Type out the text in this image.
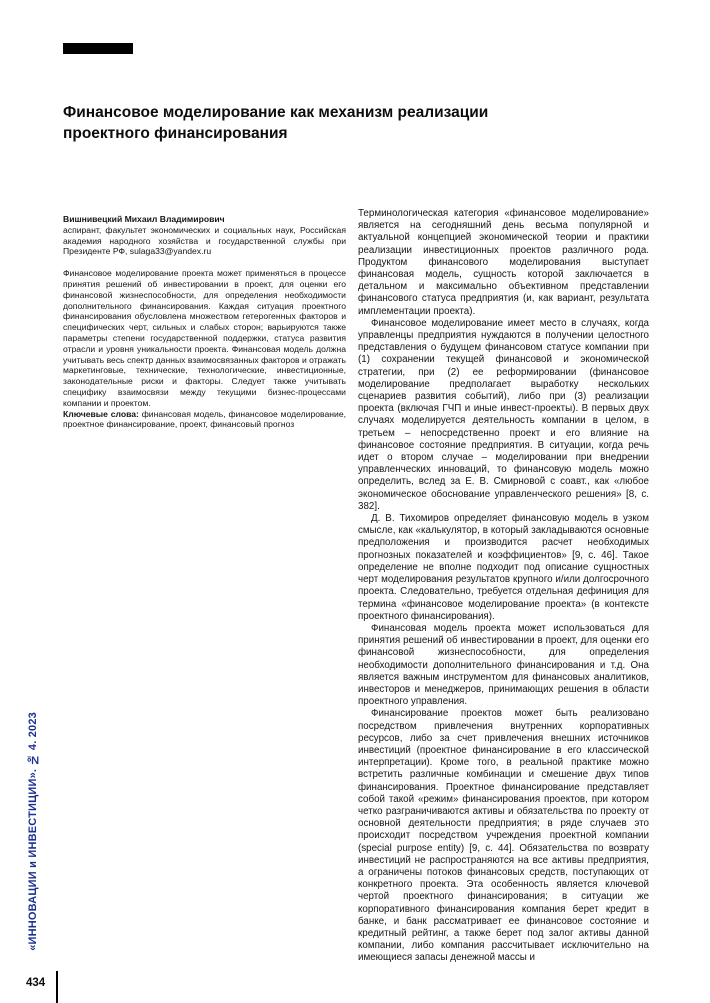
Финансовое моделирование как механизм реализации проектного финансирования

Вишнивецкий Михаил Владимирович

аспирант, факультет экономических и социальных наук, Российская академия народного хозяйства и государственной службы при Президенте РФ, sulaga33@yandex.ru

Финансовое моделирование проекта может применяться в процессе принятия решений об инвестировании в проект, для оценки его финансовой жизнеспособности, для определения необходимости дополнительного финансирования. Каждая ситуация проектного финансирования обусловлена множеством гетерогенных факторов и специфических черт, сильных и слабых сторон; варьируются также параметры степени государственной поддержки, статуса развития отрасли и уровня уникальности проекта. Финансовая модель должна учитывать весь спектр данных взаимосвязанных факторов и отражать маркетинговые, технические, технологические, инвестиционные, законодательные риски и факторы. Следует также учитывать специфику взаимосвязи между текущими бизнес-процессами компании и проектом.

Ключевые слова: финансовая модель, финансовое моделирование, проектное финансирование, проект, финансовый прогноз

Терминологическая категория «финансовое моделирование» является на сегодняшний день весьма популярной и актуальной концепцией экономической теории и практики реализации инвестиционных проектов различного рода. Продуктом финансового моделирования выступает финансовая модель, сущность которой заключается в детальном и максимально объективном представлении финансового статуса предприятия (и, как вариант, результата имплементации проекта).

Финансовое моделирование имеет место в случаях, когда управленцы предприятия нуждаются в получении целостного представления о будущем финансовом статусе компании при (1) сохранении текущей финансовой и экономической стратегии, при (2) ее реформировании (финансовое моделирование предполагает выработку нескольких сценариев развития событий), либо при (3) реализации проекта (включая ГЧП и иные инвест-проекты). В первых двух случаях моделируется деятельность компании в целом, в третьем – непосредственно проект и его влияние на финансовое состояние предприятия. В ситуации, когда речь идет о втором случае – моделировании при внедрении управленческих инноваций, то финансовую модель можно определить, вслед за Е. В. Смирновой с соавт., как «любое экономическое обоснование управленческого решения» [8, с. 382].

Д. В. Тихомиров определяет финансовую модель в узком смысле, как «калькулятор, в который закладываются основные предположения и производится расчет необходимых прогнозных показателей и коэффициентов» [9, с. 46]. Такое определение не вполне подходит под описание сущностных черт моделирования результатов крупного и/или долгосрочного проекта. Следовательно, требуется отдельная дефиниция для термина «финансовое моделирование проекта» (в контексте проектного финансирования).

Финансовая модель проекта может использоваться для принятия решений об инвестировании в проект, для оценки его финансовой жизнеспособности, для определения необходимости дополнительного финансирования и т.д. Она является важным инструментом для финансовых аналитиков, инвесторов и менеджеров, принимающих решения в области проектного управления.

Финансирование проектов может быть реализовано посредством привлечения внутренних корпоративных ресурсов, либо за счет привлечения внешних источников инвестиций (проектное финансирование в его классической интерпретации). Кроме того, в реальной практике можно встретить различные комбинации и смешение двух типов финансирования. Проектное финансирование представляет собой такой «режим» финансирования проектов, при котором четко разграничиваются активы и обязательства по проекту от основной деятельности предприятия; в ряде случаев это происходит посредством учреждения проектной компании (special purpose entity) [9, с. 44]. Обязательства по возврату инвестиций не распространяются на все активы предприятия, а ограничены потоков финансовых средств, поступающих от конкретного проекта. Эта особенность является ключевой чертой проектного финансирования; в ситуации же корпоративного финансирования компания берет кредит в банке, и банк рассматривает ее финансовое состояние и кредитный рейтинг, а также берет под залог активы данной компании, либо компания рассчитывает исключительно на имеющиеся запасы денежной массы и

«ИННОВАЦИИ и ИНВЕСТИЦИИ». № 4. 2023
434
